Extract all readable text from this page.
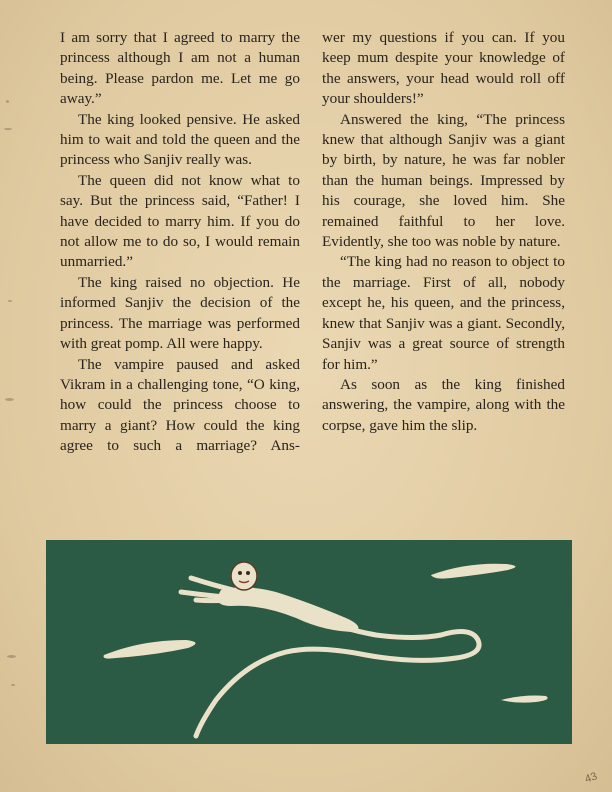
I am sorry that I agreed to marry the princess although I am not a human being. Please pardon me. Let me go away.”

The king looked pensive. He asked him to wait and told the queen and the princess who Sanjiv really was.

The queen did not know what to say. But the princess said, “Father! I have decided to marry him. If you do not allow me to do so, I would remain unmarried.”

The king raised no objection. He informed Sanjiv the decision of the princess. The marriage was performed with great pomp. All were happy.

The vampire paused and asked Vikram in a challenging tone, “O king, how could the princess choose to marry a giant? How could the king agree to such a marriage? Ans-

wer my questions if you can. If you keep mum despite your knowledge of the answers, your head would roll off your shoulders!”

Answered the king, “The princess knew that although Sanjiv was a giant by birth, by nature, he was far nobler than the human beings. Impressed by his courage, she loved him. She remained faithful to her love. Evidently, she too was noble by nature.

“The king had no reason to object to the marriage. First of all, nobody except he, his queen, and the princess, knew that Sanjiv was a giant. Secondly, Sanjiv was a great source of strength for him.”

As soon as the king finished answering, the vampire, along with the corpse, gave him the slip.

43
